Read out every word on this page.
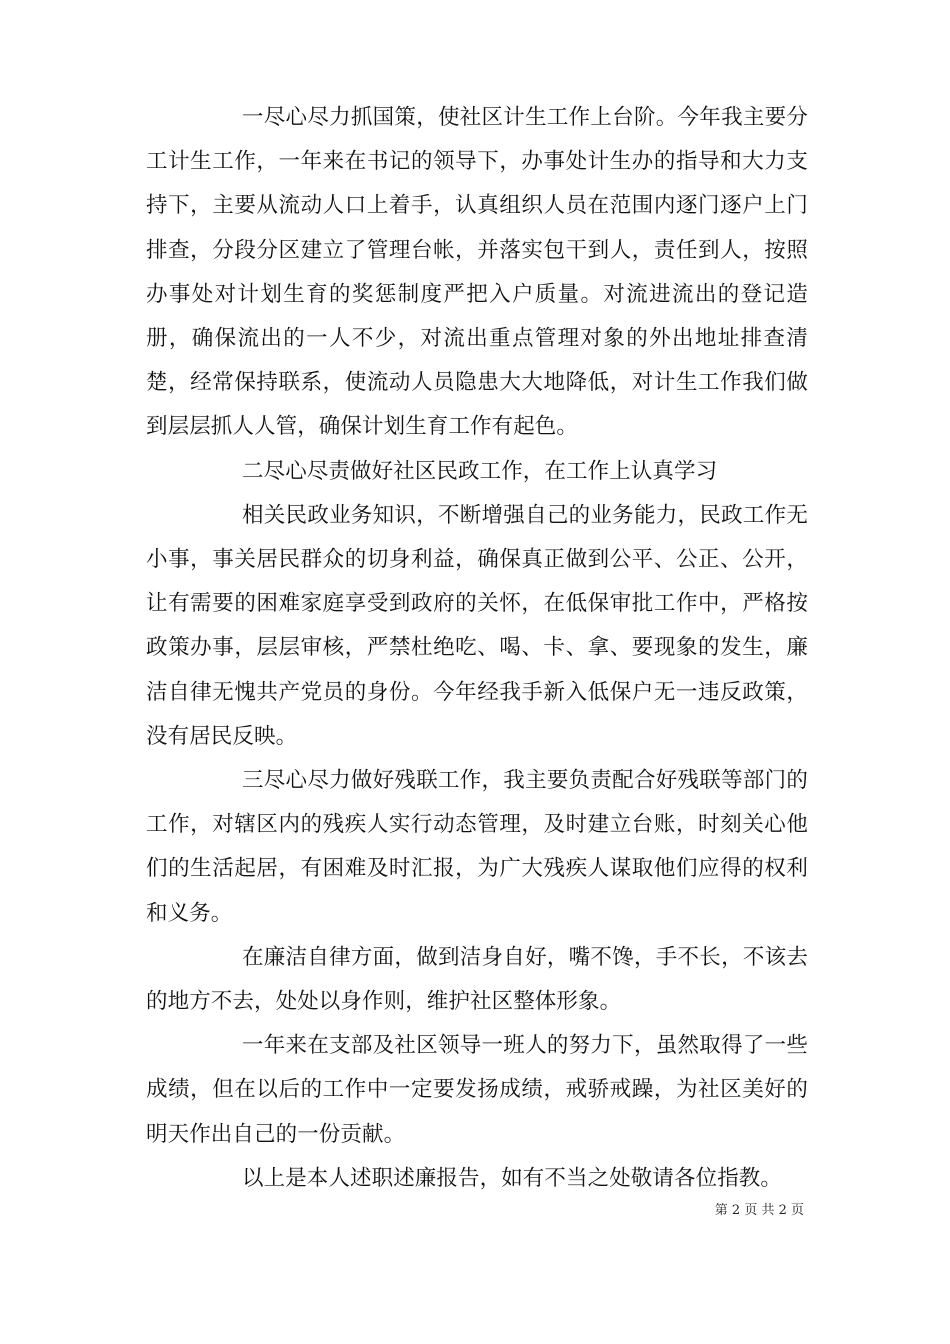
一尽心尽力抓国策，使社区计生工作上台阶。今年我主要分工计生工作，一年来在书记的领导下，办事处计生办的指导和大力支持下，主要从流动人口上着手，认真组织人员在范围内逐门逐户上门排查，分段分区建立了管理台帐，并落实包干到人，责任到人，按照办事处对计划生育的奖惩制度严把入户质量。对流进流出的登记造册，确保流出的一人不少，对流出重点管理对象的外出地址排查清楚，经常保持联系，使流动人员隐患大大地降低，对计生工作我们做到层层抓人人管，确保计划生育工作有起色。

二尽心尽责做好社区民政工作，在工作上认真学习

相关民政业务知识，不断增强自己的业务能力，民政工作无小事，事关居民群众的切身利益，确保真正做到公平、公正、公开，让有需要的困难家庭享受到政府的关怀，在低保审批工作中，严格按政策办事，层层审核，严禁杜绝吃、喝、卡、拿、要现象的发生，廉洁自律无愧共产党员的身份。今年经我手新入低保户无一违反政策，没有居民反映。

三尽心尽力做好残联工作，我主要负责配合好残联等部门的工作，对辖区内的残疾人实行动态管理，及时建立台账，时刻关心他们的生活起居，有困难及时汇报，为广大残疾人谋取他们应得的权利和义务。

在廉洁自律方面，做到洁身自好，嘴不馋，手不长，不该去的地方不去，处处以身作则，维护社区整体形象。

一年来在支部及社区领导一班人的努力下，虽然取得了一些成绩，但在以后的工作中一定要发扬成绩，戒骄戒躁，为社区美好的明天作出自己的一份贡献。

以上是本人述职述廉报告，如有不当之处敬请各位指教。

第 2 页 共 2 页
